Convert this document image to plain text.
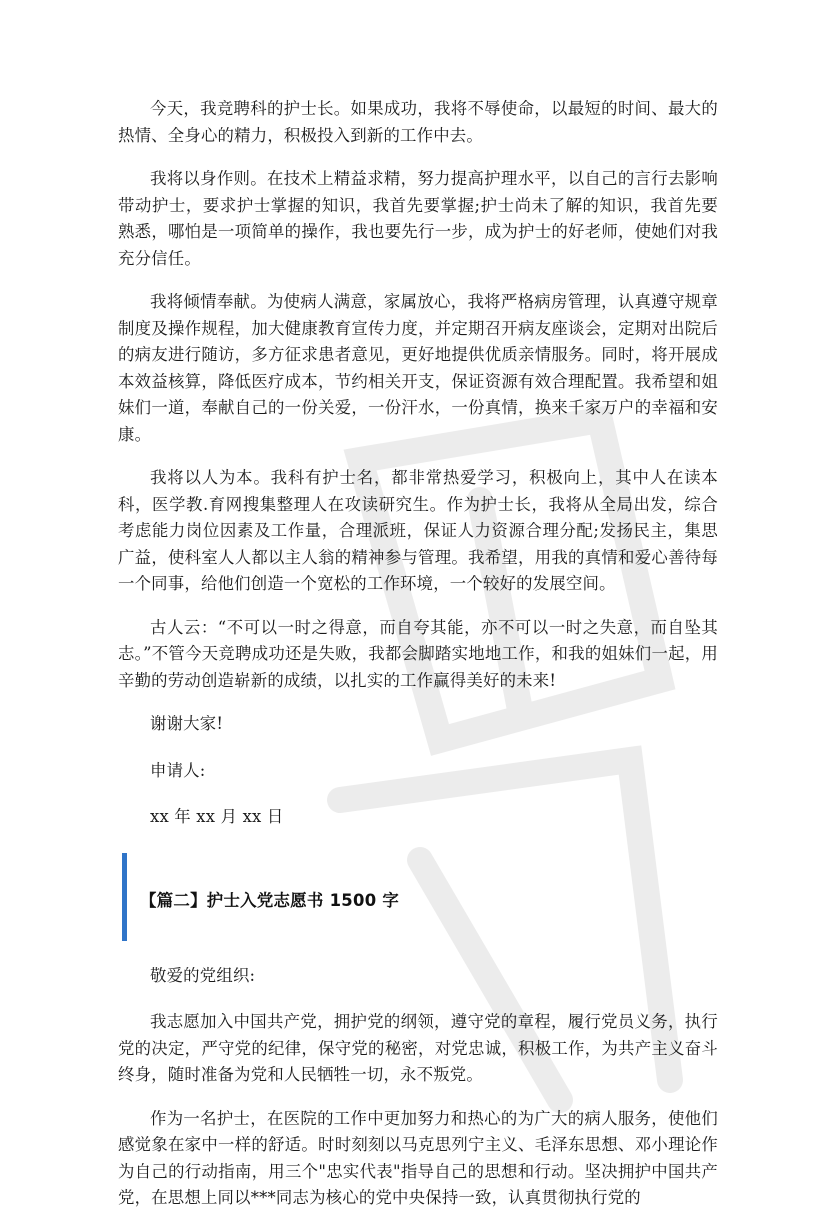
今天，我竞聘科的护士长。如果成功，我将不辱使命，以最短的时间、最大的热情、全身心的精力，积极投入到新的工作中去。

我将以身作则。在技术上精益求精，努力提高护理水平，以自己的言行去影响带动护士，要求护士掌握的知识，我首先要掌握;护士尚未了解的知识，我首先要熟悉，哪怕是一项简单的操作，我也要先行一步，成为护士的好老师，使她们对我充分信任。

我将倾情奉献。为使病人满意，家属放心，我将严格病房管理，认真遵守规章制度及操作规程，加大健康教育宣传力度，并定期召开病友座谈会，定期对出院后的病友进行随访，多方征求患者意见，更好地提供优质亲情服务。同时，将开展成本效益核算，降低医疗成本，节约相关开支，保证资源有效合理配置。我希望和姐妹们一道，奉献自己的一份关爱，一份汗水，一份真情，换来千家万户的幸福和安康。

我将以人为本。我科有护士名，都非常热爱学习，积极向上，其中人在读本科，医学教.育网搜集整理人在攻读研究生。作为护士长，我将从全局出发，综合考虑能力岗位因素及工作量，合理派班，保证人力资源合理分配;发扬民主，集思广益，使科室人人都以主人翁的精神参与管理。我希望，用我的真情和爱心善待每一个同事，给他们创造一个宽松的工作环境，一个较好的发展空间。

古人云：“不可以一时之得意，而自夸其能，亦不可以一时之失意，而自坠其志。”不管今天竞聘成功还是失败，我都会脚踏实地地工作，和我的姐妹们一起，用辛勤的劳动创造崭新的成绩，以扎实的工作赢得美好的未来!

谢谢大家!

申请人:

xx 年 xx 月 xx 日

【篇二】护士入党志愿书 1500 字

敬爱的党组织:

我志愿加入中国共产党，拥护党的纲领，遵守党的章程，履行党员义务，执行党的决定，严守党的纪律，保守党的秘密，对党忠诚，积极工作，为共产主义奋斗终身，随时准备为党和人民牺牲一切，永不叛党。

作为一名护士，在医院的工作中更加努力和热心的为广大的病人服务，使他们感觉象在家中一样的舒适。时时刻刻以马克思列宁主义、毛泽东思想、邓小理论作为自己的行动指南，用三个"忠实代表"指导自己的思想和行动。坚决拥护中国共产党，在思想上同以***同志为核心的党中央保持一致，认真贯彻执行党的
